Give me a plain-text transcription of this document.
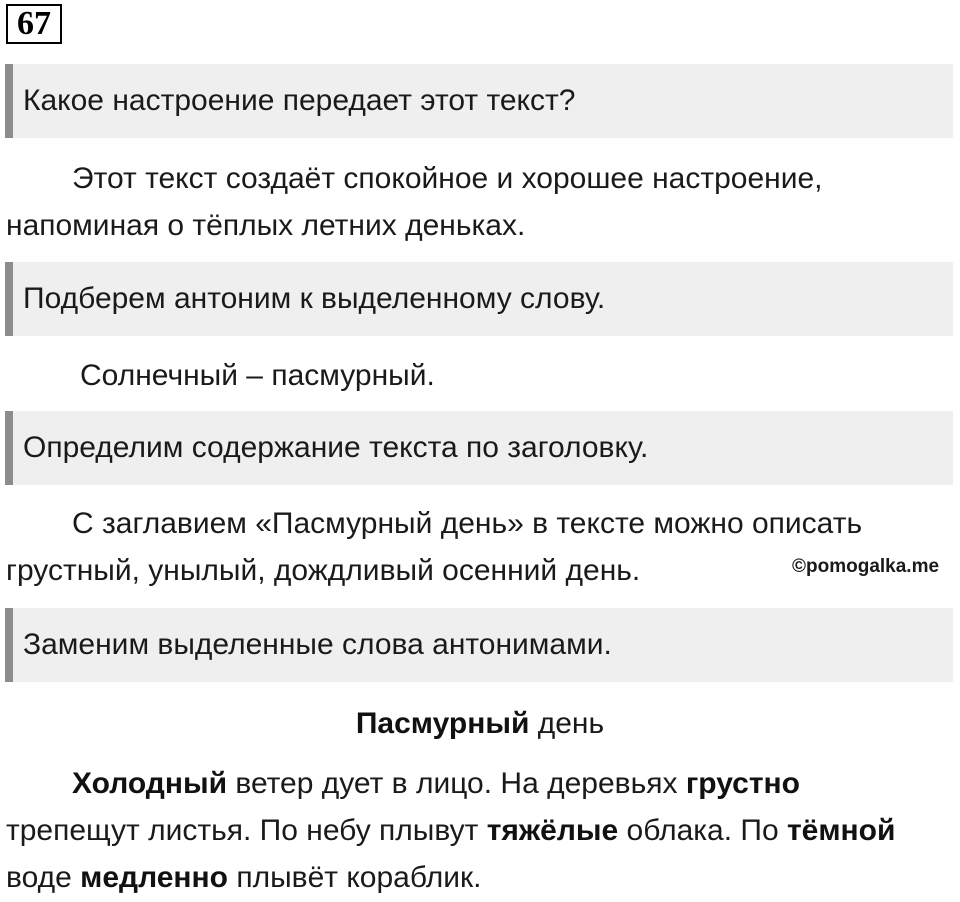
67
Какое настроение передает этот текст?
Этот текст создаёт спокойное и хорошее настроение,
напоминая о тёплых летних деньках.
Подберем антоним к выделенному слову.
Солнечный – пасмурный.
Определим содержание текста по заголовку.
С заглавием «Пасмурный день» в тексте можно описать
грустный, унылый, дождливый осенний день.	©pomogalka.me
Заменим выделенные слова антонимами.
Пасмурный день
Холодный ветер дует в лицо. На деревьях грустно
трепещут листья. По небу плывут тяжёлые облака. По тёмной
воде медленно плывёт кораблик.
